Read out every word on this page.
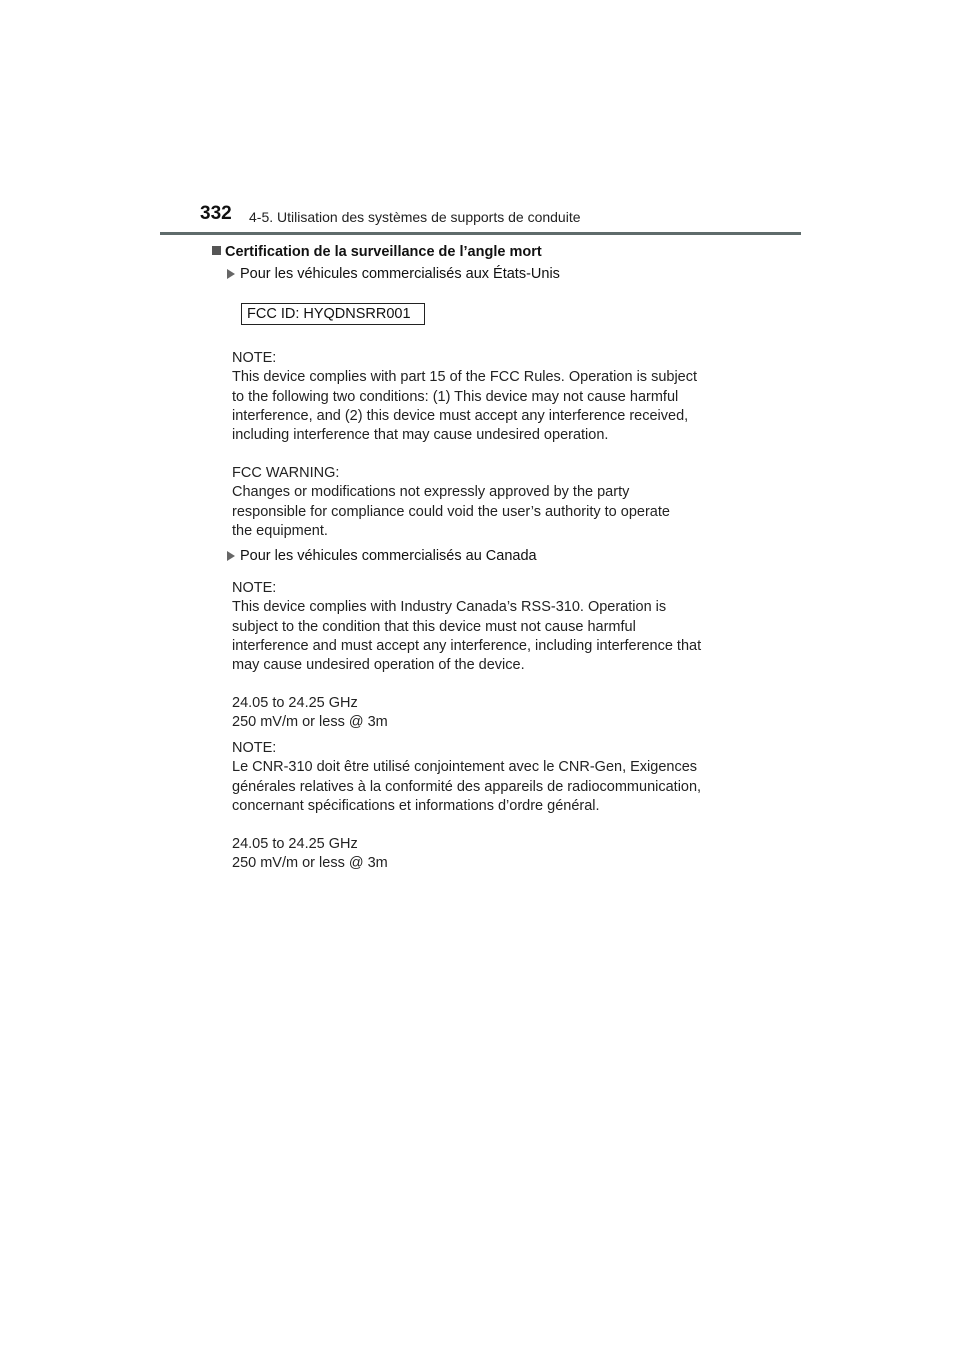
332 4-5. Utilisation des systèmes de supports de conduite
Certification de la surveillance de l’angle mort
Pour les véhicules commercialisés aux États-Unis
FCC ID: HYQDNSRR001

NOTE:

This device complies with part 15 of the FCC Rules. Operation is subject

to the following two conditions: (1) This device may not cause harmful

interference, and (2) this device must accept any interference received,

including interference that may cause undesired operation.

FCC WARNING:

Changes or modifications not expressly approved by the party

responsible for compliance could void the user’s authority to operate

the equipment.

Pour les véhicules commercialisés au Canada

NOTE:

This device complies with Industry Canada’s RSS-310. Operation is

subject to the condition that this device must not cause harmful

interference and must accept any interference, including interference that

may cause undesired operation of the device.

24.05 to 24.25 GHz

250 mV/m or less @ 3m

NOTE:

Le CNR-310 doit être utilisé conjointement avec le CNR-Gen, Exigences

générales relatives à la conformité des appareils de radiocommunication,

concernant spécifications et informations d’ordre général.

24.05 to 24.25 GHz

250 mV/m or less @ 3m
